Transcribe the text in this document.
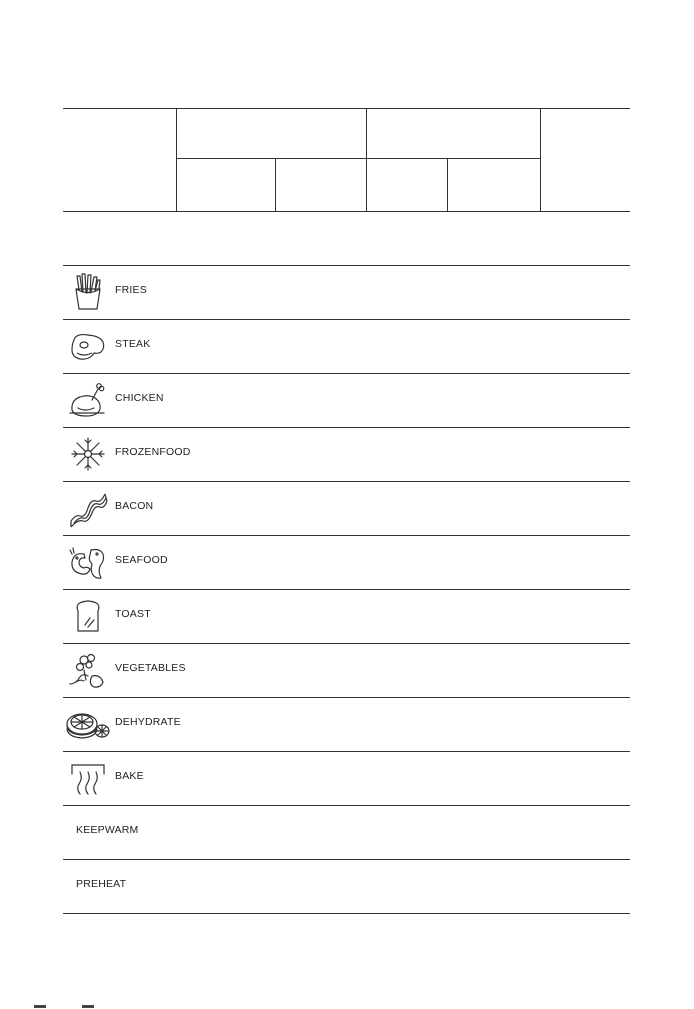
FRIES
STEAK
CHICKEN
FROZENFOOD
BACON
SEAFOOD
TOAST
VEGETABLES
DEHYDRATE
BAKE
KEEPWARM
PREHEAT
